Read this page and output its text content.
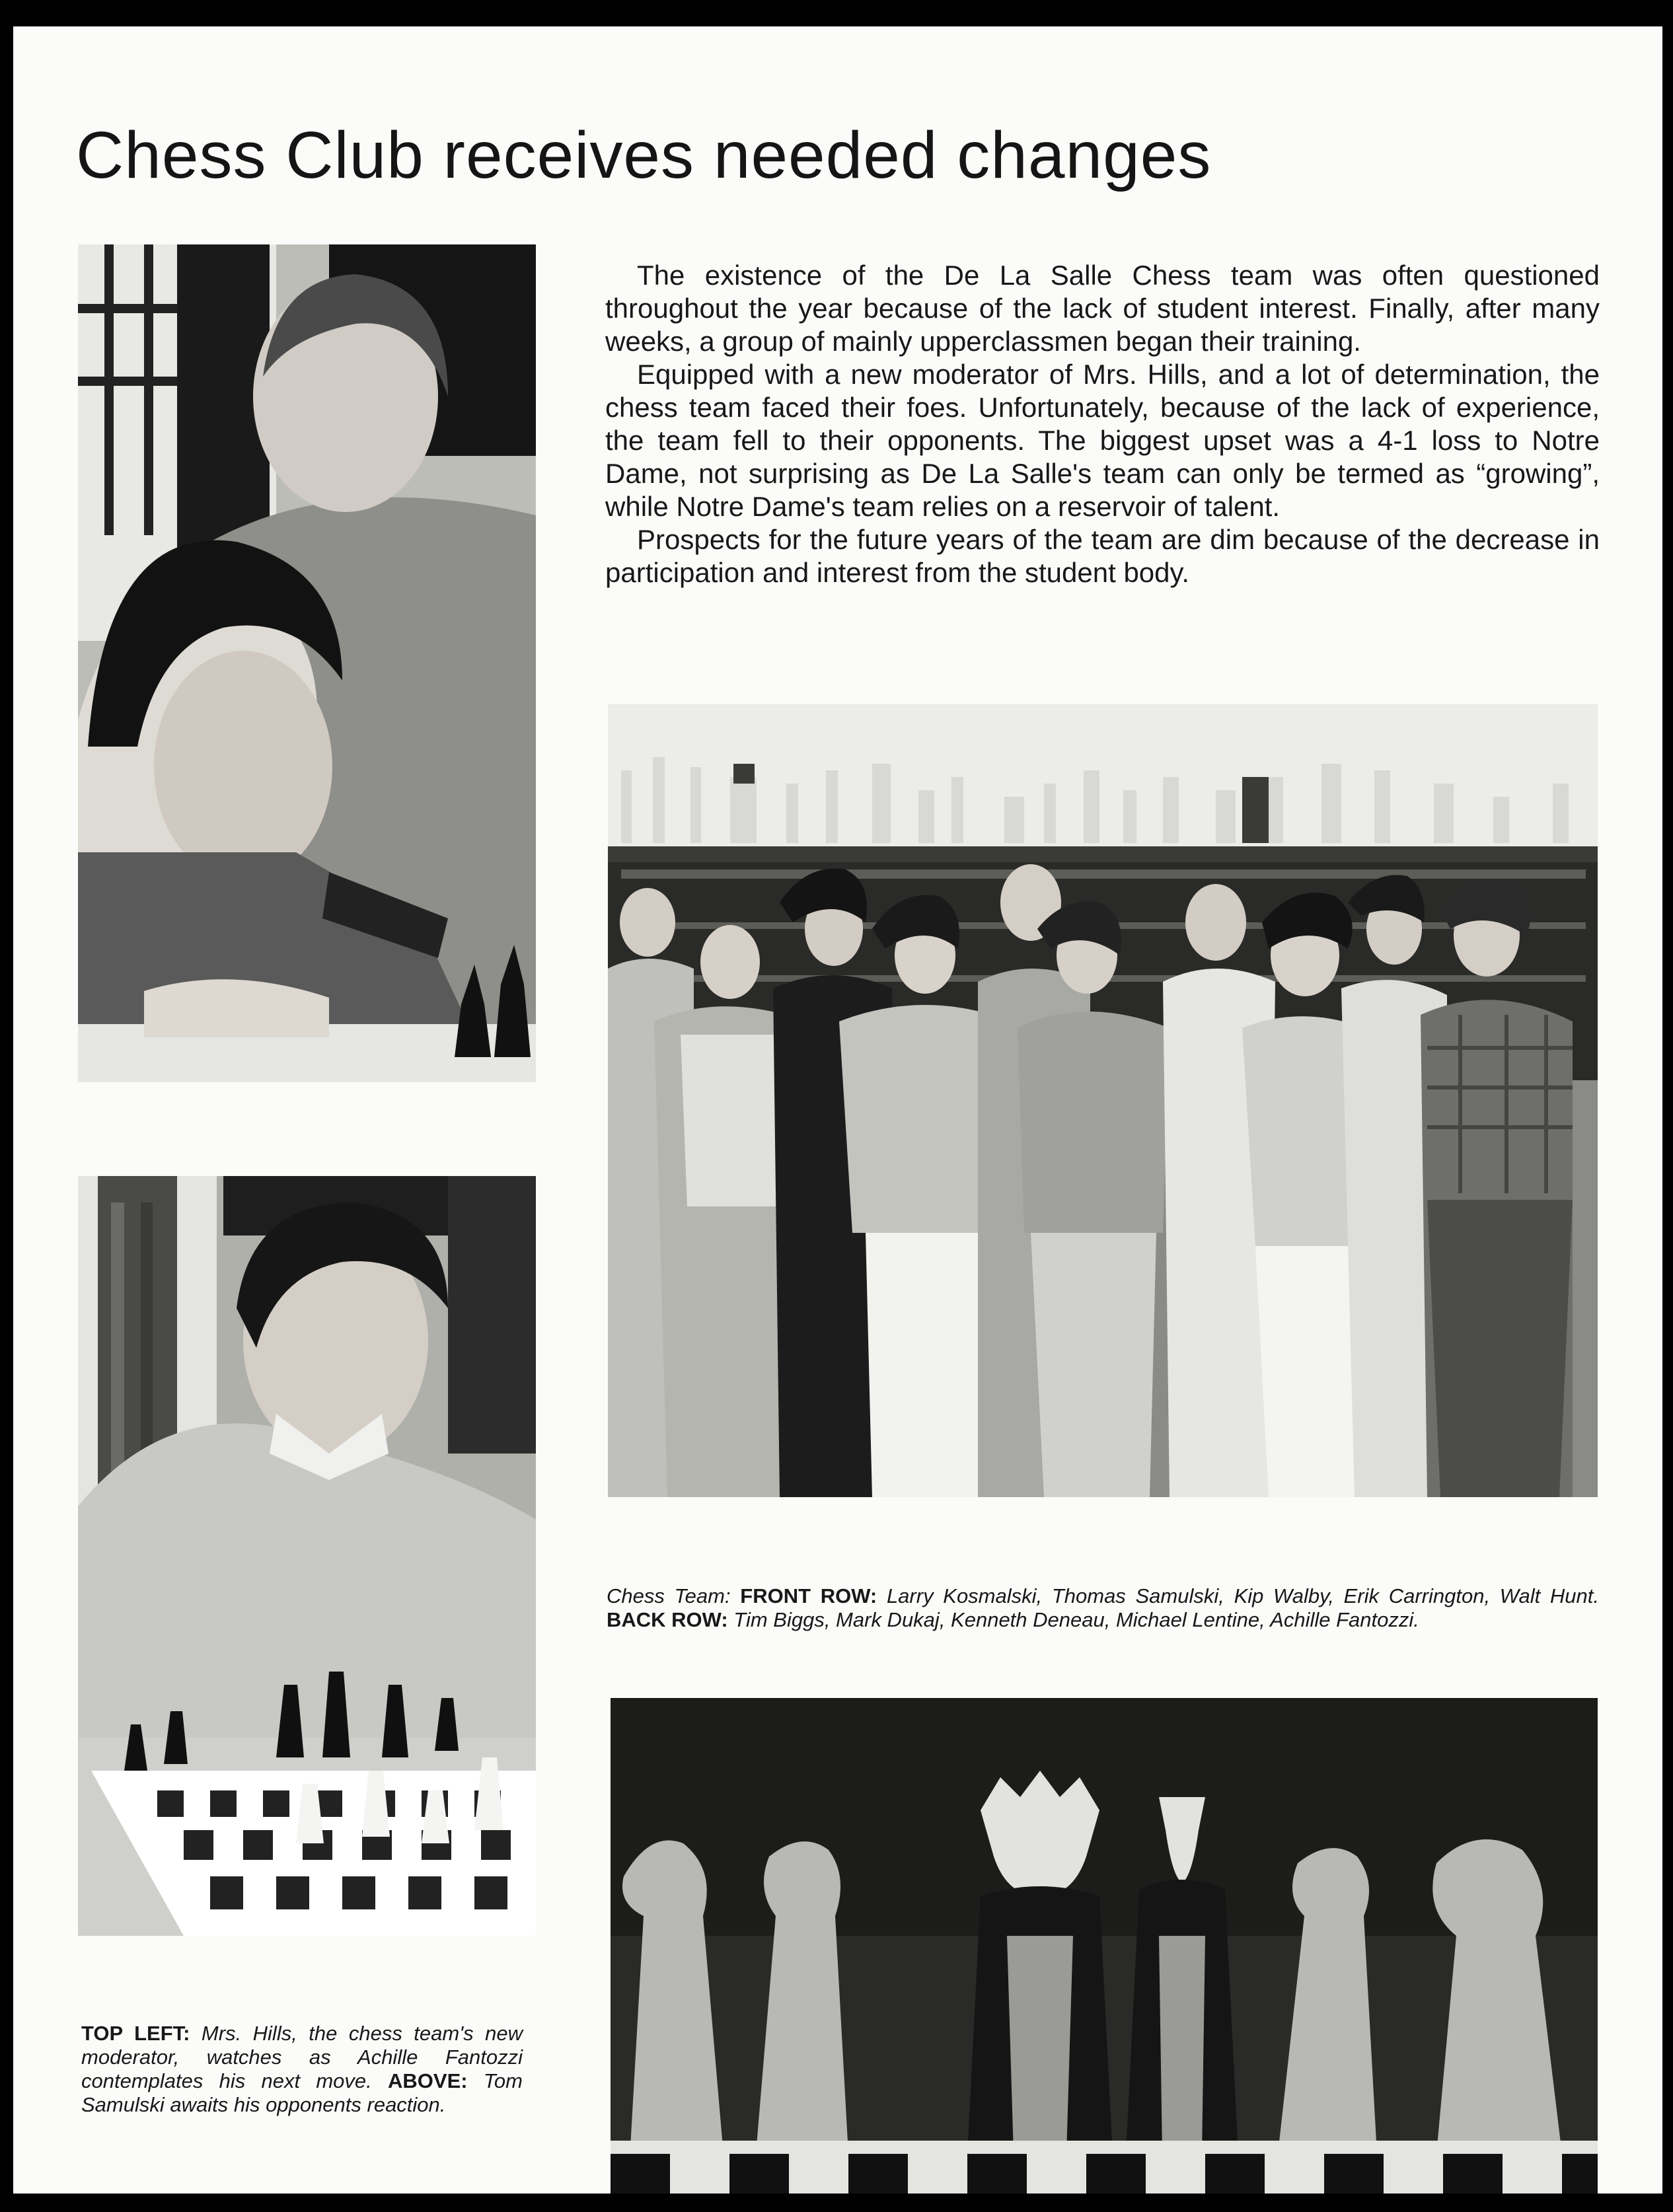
Chess Club receives needed changes

The existence of the De La Salle Chess team was often questioned throughout the year because of the lack of student interest. Finally, after many weeks, a group of mainly upperclassmen began their training.

Equipped with a new moderator of Mrs. Hills, and a lot of determination, the chess team faced their foes. Unfortunately, because of the lack of experience, the team fell to their opponents. The biggest upset was a 4-1 loss to Notre Dame, not surprising as De La Salle's team can only be termed as “growing”, while Notre Dame's team relies on a reservoir of talent.

Prospects for the future years of the team are dim because of the decrease in participation and interest from the student body.

Chess Team: FRONT ROW: Larry Kosmalski, Thomas Samulski, Kip Walby, Erik Carrington, Walt Hunt. BACK ROW: Tim Biggs, Mark Dukaj, Kenneth Deneau, Michael Lentine, Achille Fantozzi.
TOP LEFT: Mrs. Hills, the chess team's new moderator, watches as Achille Fantozzi contemplates his next move. ABOVE: Tom Samulski awaits his opponents reaction.
